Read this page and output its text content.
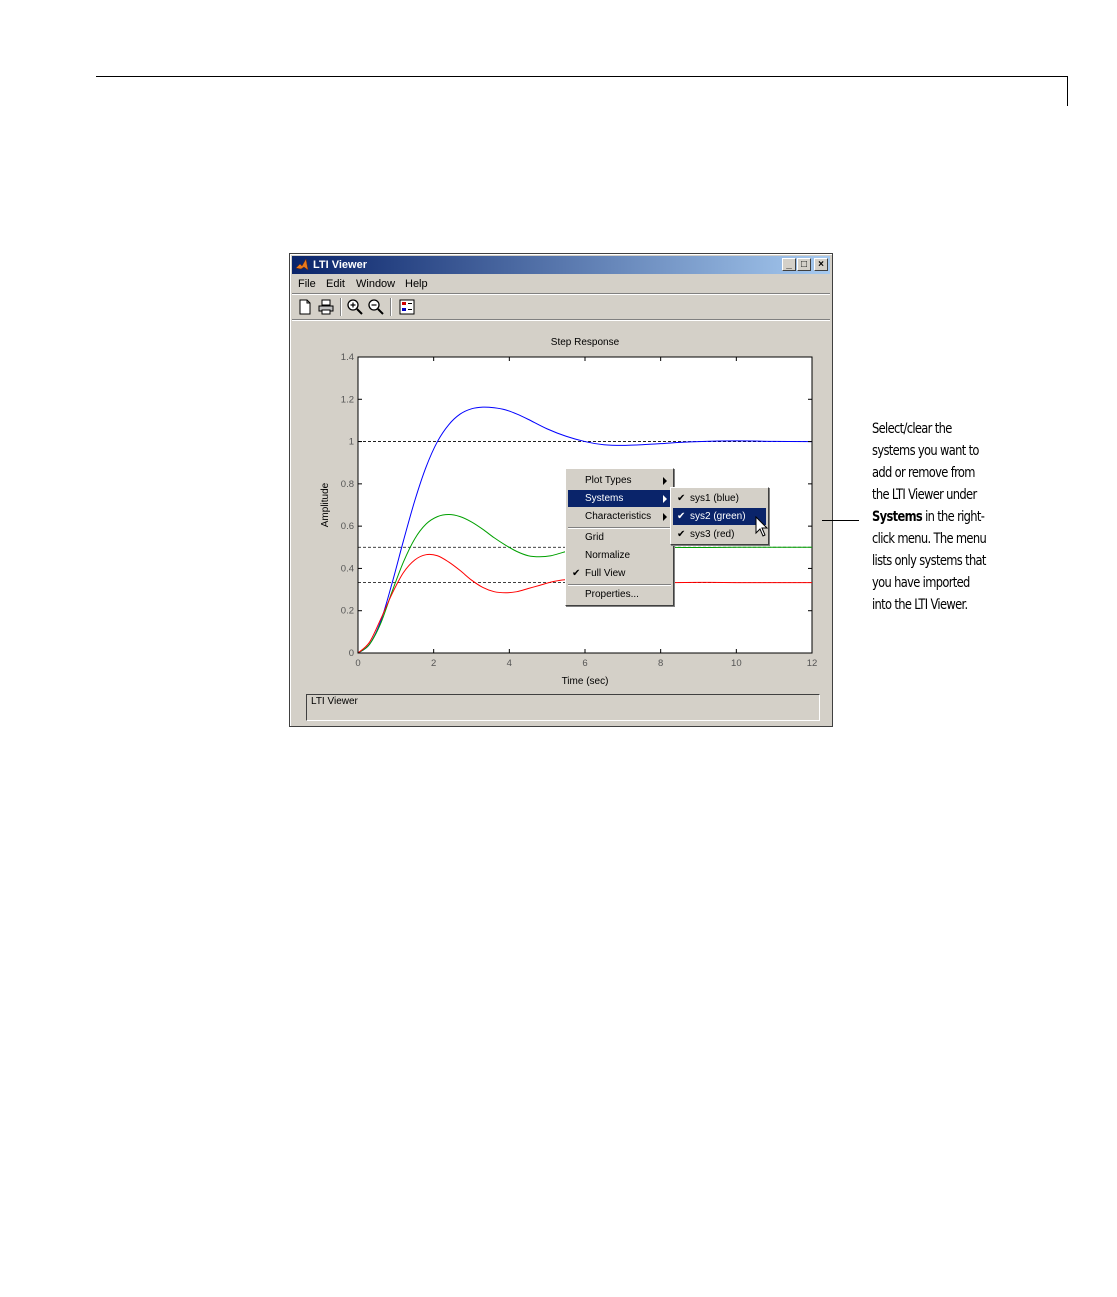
LTI Viewer	_ □	×
File Edit Window Help
LTI Viewer
0	2	4	6	8	10	12
0
0.2
0.4
0.6
0.8
1
1.2
1.4
Step Response
Time (sec)
Amplitude
Plot Types
Systems
Characteristics
Grid
Normalize
✔ Full View
Properties...
✔ sys1 (blue)
✔ sys2 (green)
✔ sys3 (red)
Select/clear the systems you want to add or remove from the LTI Viewer under Systems in the right-click menu. The menu lists only systems that you have imported into the LTI Viewer.
